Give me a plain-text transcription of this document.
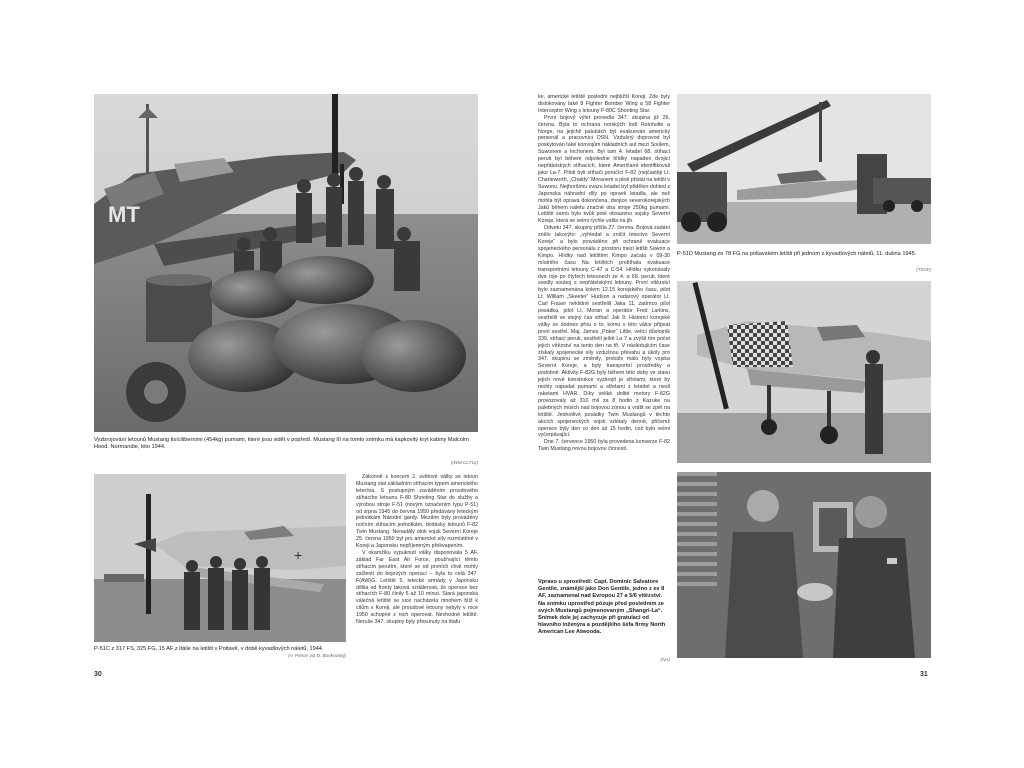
MT
Vyzbrojování letounů Mustang tisícilibernimi (454kg) pumami, které jsou vidět v popředí. Mustang III na tomto snímku má kapkovitý kryt kabiny Malcolm Hood. Normandie, léto 1944.
(IWM CL712)
+
P-51C z 317 FS, 325 FG, 15 AF z Itálie na letišti v Poltavě, v době kyvadlových náletů, 1944.
(V. Petrov via D. Bonkovskij)

Zákonně s koncem 2. světové války se letoun Mustang stal základním stíhacím typem amerického letectva. S postupným zaváděním proudového stíhacího letounu F-80 Shooting Star do služby a výrobou stroje F-51 (novým označením typu P-51) od srpna 1945 do června 1950 předávány leteckým jednotkám Národní gardy. Mezitím byly prováděny nočním stíhacím jednotkám, dodávky letounů F-82 Twin Mustang. Nenadálý útok vojsk Severní Koreje 25. června 1950 byl pro americké síly rozmístěné v Koreji a Japonsku nepříjemným překvapením.

V okamžiku vypuknutí války disponovala 5 AF, základ Far East Air Force, používající těmto stíhacím perutím, které se od prvních chvil mohly začlenit do bojových operací – byla to celá 347. F(AW)G. Letiště 5. letecké armády v Japonsku dělila od fronty taková vzdálenost, že operace bez stíhacích F-80 činily 5 až 10 minut. Stará japonská válečná letiště se sice nacházela mnohem blíž k cílům v Koreji, ale proudové letouny nebyly v roce 1950 schopné z nich operovat. Nevhodné letiště. Neruše 347. skupiny byly přesunuty na štafu

30

ke, americké letiště poslední nejbližší Koreji. Zde byly dislokovány také 8 Fighter Bomber Wing a 58 Fighter Interceptor Wing s letouny F-80C Shooting Star.

První bojový výlet provedla 347. skupina již 26. června. Byla to ochrana norských lodí Reinholte a Norge, na jejichž palubách byl evakuován americký personál a pracovníci OSN. Vzdušný doprovod byl poskytován také konvojům nákladních aut mezi Soulem, Suwonem a Inchonem. Byl tam 4. letadel 68. stíhací peruti byl během odpoledne hlídky napaden dvojicí nepřátelských stíhacích, které Američané identifikovali jako La-7. Piloti byli stíhači poručíci F-82 (nejčastěji Lt. Charleworth, „Chaldy“ Moranem a plně přistál na letišti v Suwonu. Nejhoršímu svazu letadel byl přidělen dohled z Japonska náhradní díly po opravě letadla, ale než mohla být oprava dokončena, dvojice severokorejských Jaků během náletu značně oba stroje 250kg pumami. Letiště samo bylo kvůli poté obsazeno vojsky Severní Koreje, která se velmi rychle valila na jih.

Odvetu 347. skupiny přišla 27. června. Bojová zadání znělo takovýto: „vyhledat a zničit letectvo Severní Koreje“ a bylo prováděno při ochraně evakuace spojeneckého personálu z prostoru mezi letišti Suwon a Kimpo. Hlídky nad letištěm Kimpo začala v 09-30 místního času Na letištích probíhala evakuace transportními letouny C-47 a C-54. Hlídku vykonávaly dva roje po čtyřech letounech ze 4. a 68. peruti, které svedly souboj s nepřátelskými letouny. První vítězství bylo zaznamenána kolem 12.15 korejského času, pilot Lt. William „Skeeter“ Hudson a radarový operátor Lt. Carl Fraser neklidně sestřelili Jaka 11, zatímco pilot posádka, pilot Lt. Moran a operátor Fred Larkins, sestřelili ve stejný čas stíhač Jak 9. Historici korejské války se dodnes přou o to, komu v této válce připsat první sestřel. Maj. James „Poker“ Little, velící důstojník 339. stíhací peruti, sestřelil ještě La 7 a zvýšil tím počet jejich vítězství na tento den na tři. V následujícím čase získaly spojenecké síly vzdušnou převahu a úkoly pro 347. skupinu se změnily, protože málo byly vojska Severní Koreje, a byly transportní prostředky a podobně. Aktivity F-82G byly během této doby ve stavu jejich nové konstrukce vyzbrojit je střelami, které by mohly napadat pumami a střelami z letadel a nesli raketami HVAR. Díky veliké dolité motory F-82G provozovaly až 310 mil za 8 hodin z Kazuke na palebných misích nad bojovou zónou a vrátit se zpět na letiště. Jednotlivé posádky Twin Mustangů v těchto akcích spojeneckých vojsk vzlétaly denně, přičemž operace byly den co den až 15 hodin, což bylo velmi vyčerpávající.

Dne 7. července 1950 byla provedena konverze F-82 Twin Mustang novou bojovou činností.

P-51D Mustang ze 78 FG na poltavském letišti při jednom z kyvadlových náletů, 11. dubna 1945.
(TSAF)
Vpravo u zprostředí: Capt. Dominic Salvatore Gentile, známější jako Don Gentile, jedno z es 8 AF, zaznamenal nad Evropou 27 a 5/6 vítězství. Na snímku uprostřed pózuje před posledním ze svých Mustangů pojmenovaným „Shangri-La“. Snímek dole jej zachycuje při gratulaci od hlavního inženýra a pozdějšího šéfa firmy North American Lee Atwooda.
(NA)
31
